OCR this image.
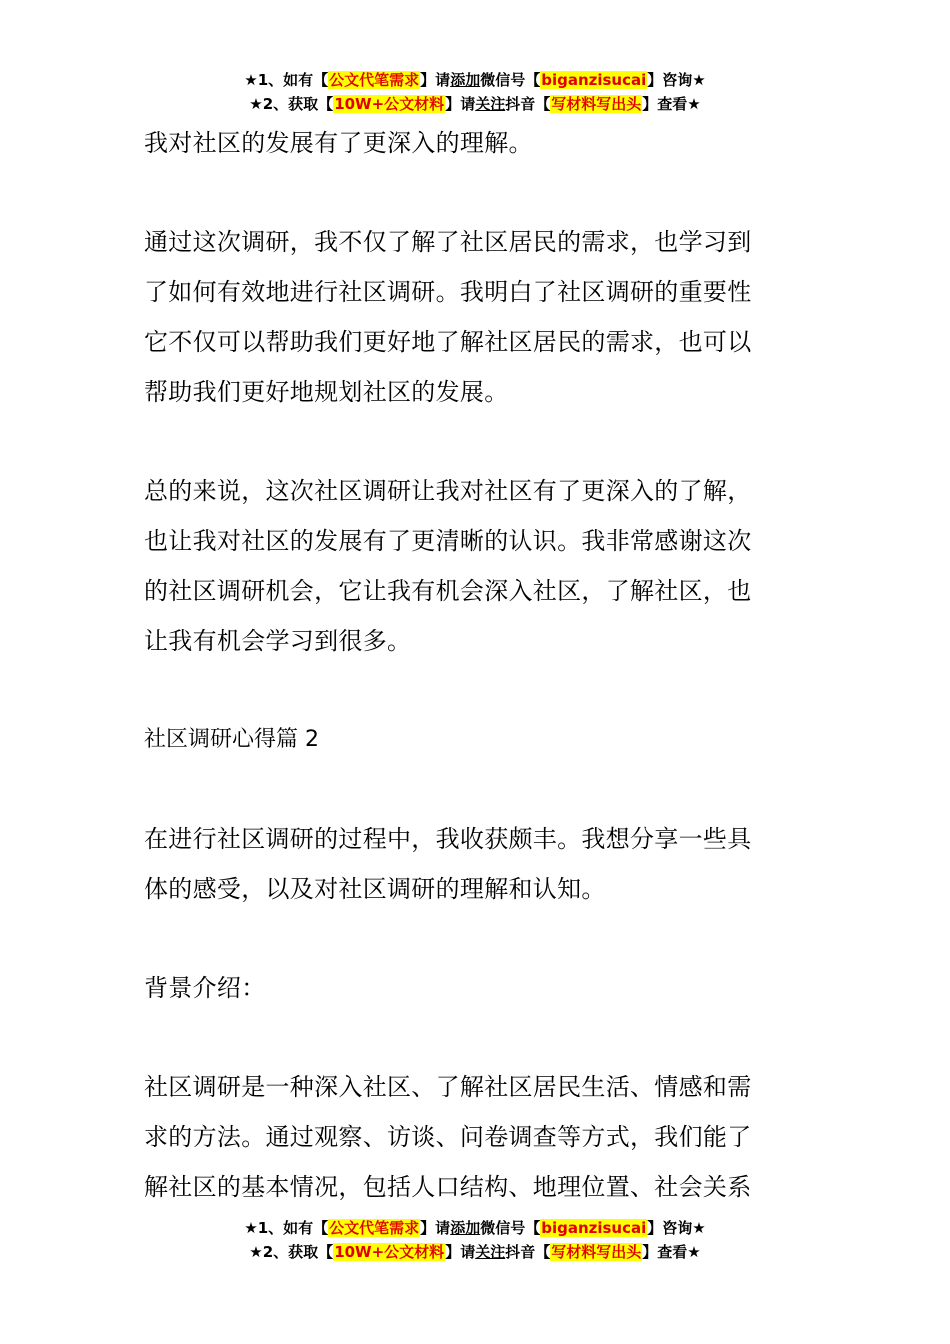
★1、如有【公文代笔需求】请添加微信号【biganzisucai】咨询★
★2、获取【10W+公文材料】请关注抖音【写材料写出头】查看★

我对社区的发展有了更深入的理解。

通过这次调研，我不仅了解了社区居民的需求，也学习到
了如何有效地进行社区调研。我明白了社区调研的重要性
它不仅可以帮助我们更好地了解社区居民的需求，也可以
帮助我们更好地规划社区的发展。

总的来说，这次社区调研让我对社区有了更深入的了解，
也让我对社区的发展有了更清晰的认识。我非常感谢这次
的社区调研机会，它让我有机会深入社区，了解社区，也
让我有机会学习到很多。

社区调研心得篇 2

在进行社区调研的过程中，我收获颇丰。我想分享一些具
体的感受，以及对社区调研的理解和认知。

背景介绍：

社区调研是一种深入社区、了解社区居民生活、情感和需
求的方法。通过观察、访谈、问卷调查等方式，我们能了
解社区的基本情况，包括人口结构、地理位置、社会关系

★1、如有【公文代笔需求】请添加微信号【biganzisucai】咨询★
★2、获取【10W+公文材料】请关注抖音【写材料写出头】查看★
